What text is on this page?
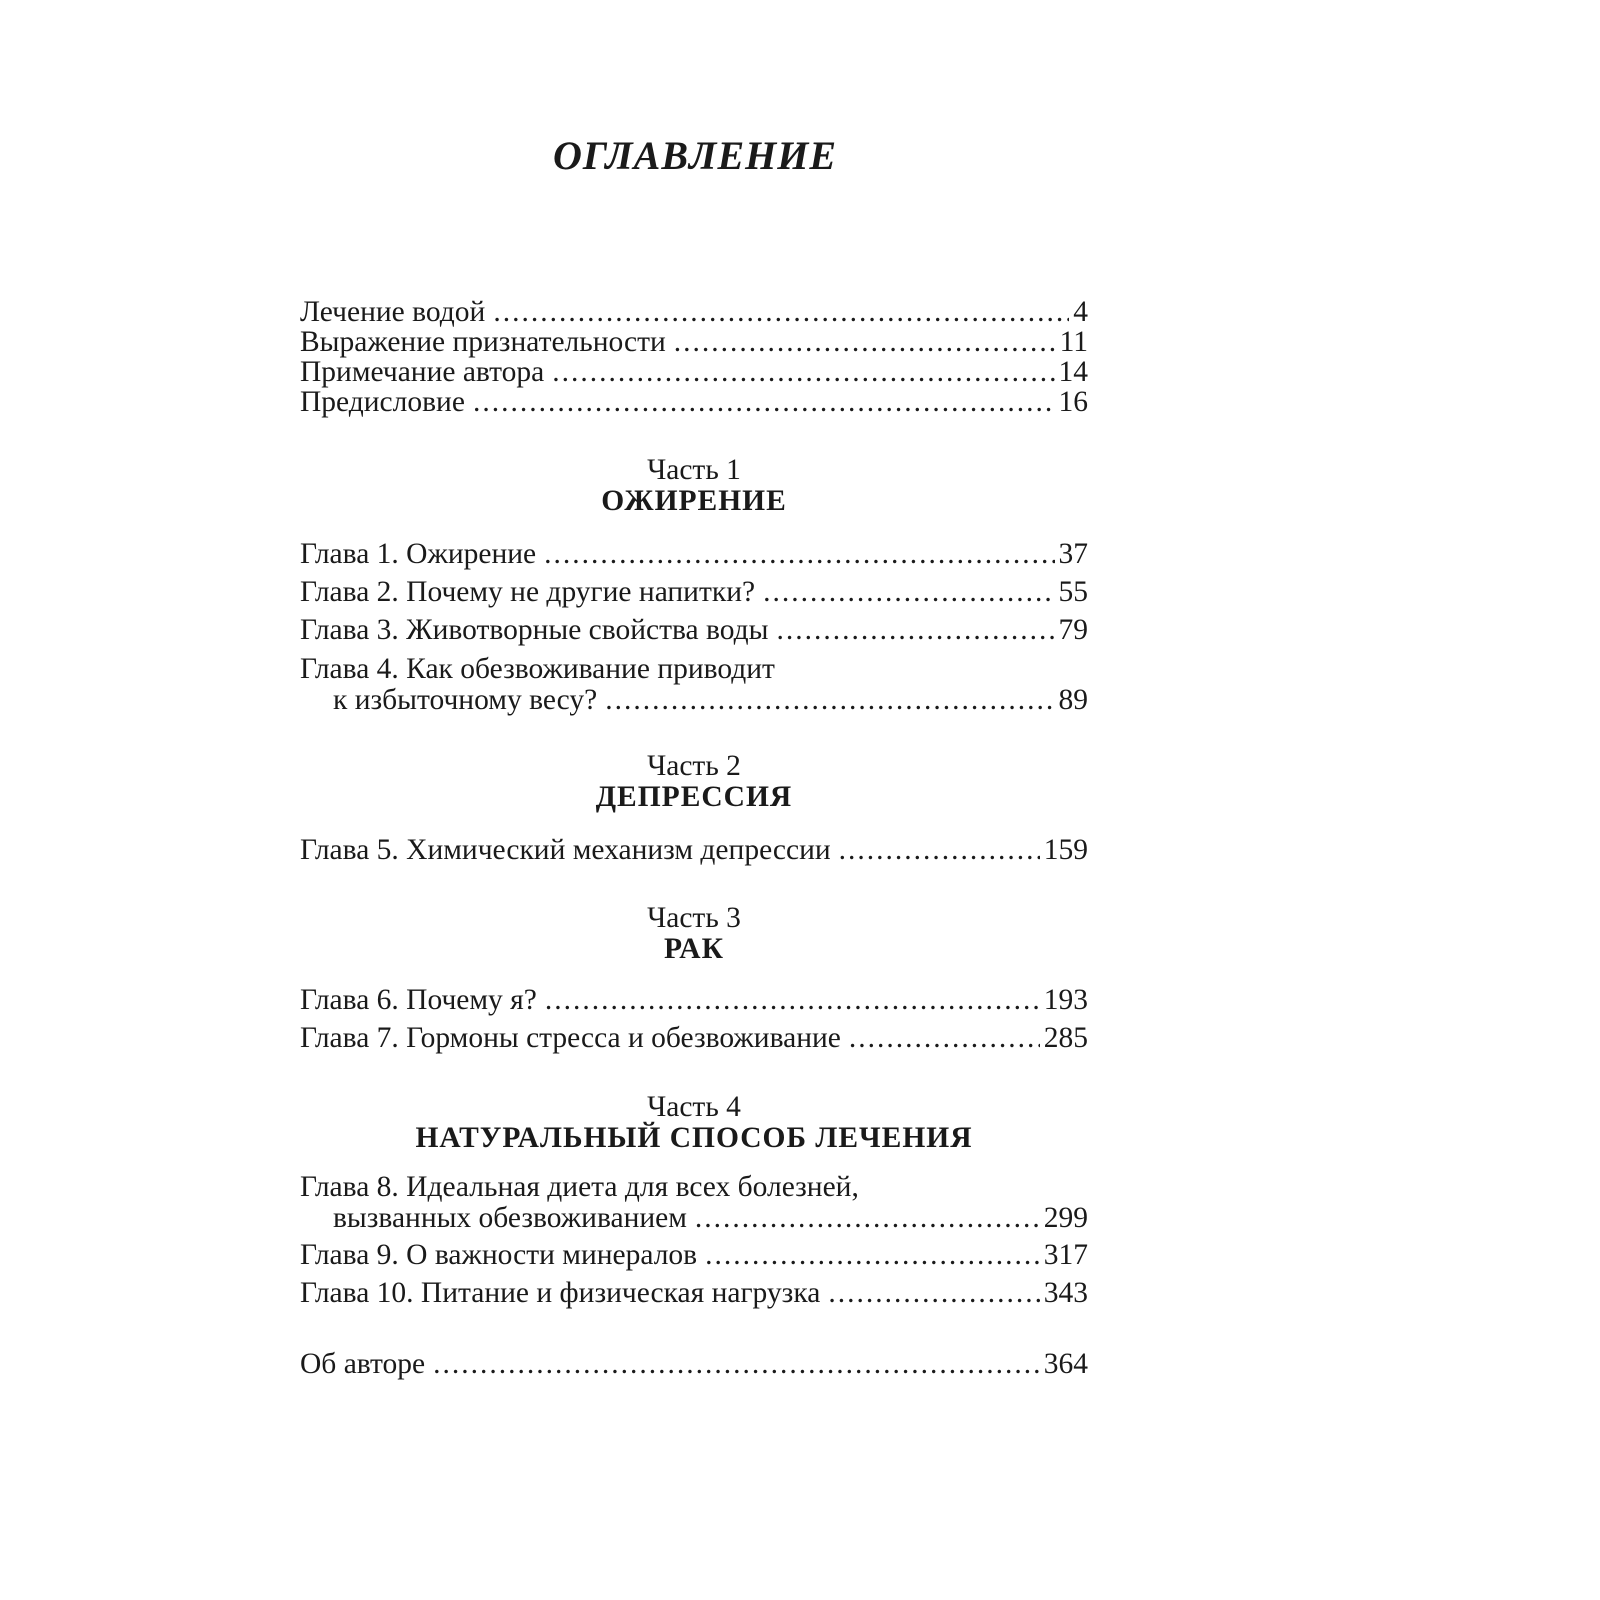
ОГЛАВЛЕНИЕ
Лечение водой .....	4
Выражение признательности .....	11
Примечание автора .....	14
Предисловие .....	16
Часть 1
ОЖИРЕНИЕ
Глава 1. Ожирение .....	37
Глава 2. Почему не другие напитки? .....	55
Глава 3. Животворные свойства воды .....	79
Глава 4. Как обезвоживание приводит
к избыточному весу? .....	89
Часть 2
ДЕПРЕССИЯ
Глава 5. Химический механизм депрессии .....	159
Часть 3
РАК
Глава 6. Почему я? .....	193
Глава 7. Гормоны стресса и обезвоживание .....	285
Часть 4
НАТУРАЛЬНЫЙ СПОСОБ ЛЕЧЕНИЯ
Глава 8. Идеальная диета для всех болезней,
вызванных обезвоживанием .....	299
Глава 9. О важности минералов .....	317
Глава 10. Питание и физическая нагрузка .....	343
Об авторе .....	364
